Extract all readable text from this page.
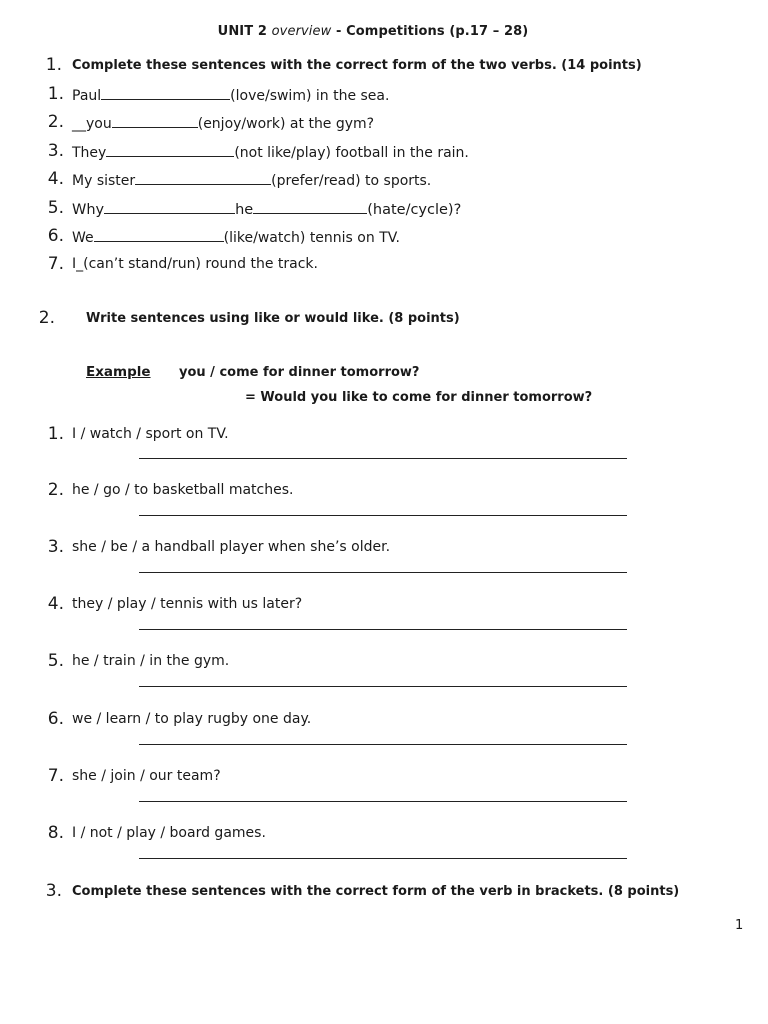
UNIT 2 overview - Competitions (p.17 – 28)
1. Complete these sentences with the correct form of the two verbs. (14 points)
1. Paul	(love/swim) in the sea.
2. __you	(enjoy/work) at the gym?
3. They	(not like/play) football in the rain.
4. My sister	(prefer/read) to sports.
5. Why	he	(hate/cycle)?
6. We	(like/watch) tennis on TV.
7. I_(can’t stand/run) round the track.
2. Write sentences using like or would like. (8 points)
Example you / come for dinner tomorrow?
= Would you like to come for dinner tomorrow?
1. I / watch / sport on TV.
2. he / go / to basketball matches.
3. she / be / a handball player when she’s older.
4. they / play / tennis with us later?
5. he / train / in the gym.
6. we / learn / to play rugby one day.
7. she / join / our team?
8. I / not / play / board games.
3. Complete these sentences with the correct form of the verb in brackets. (8 points)
1
